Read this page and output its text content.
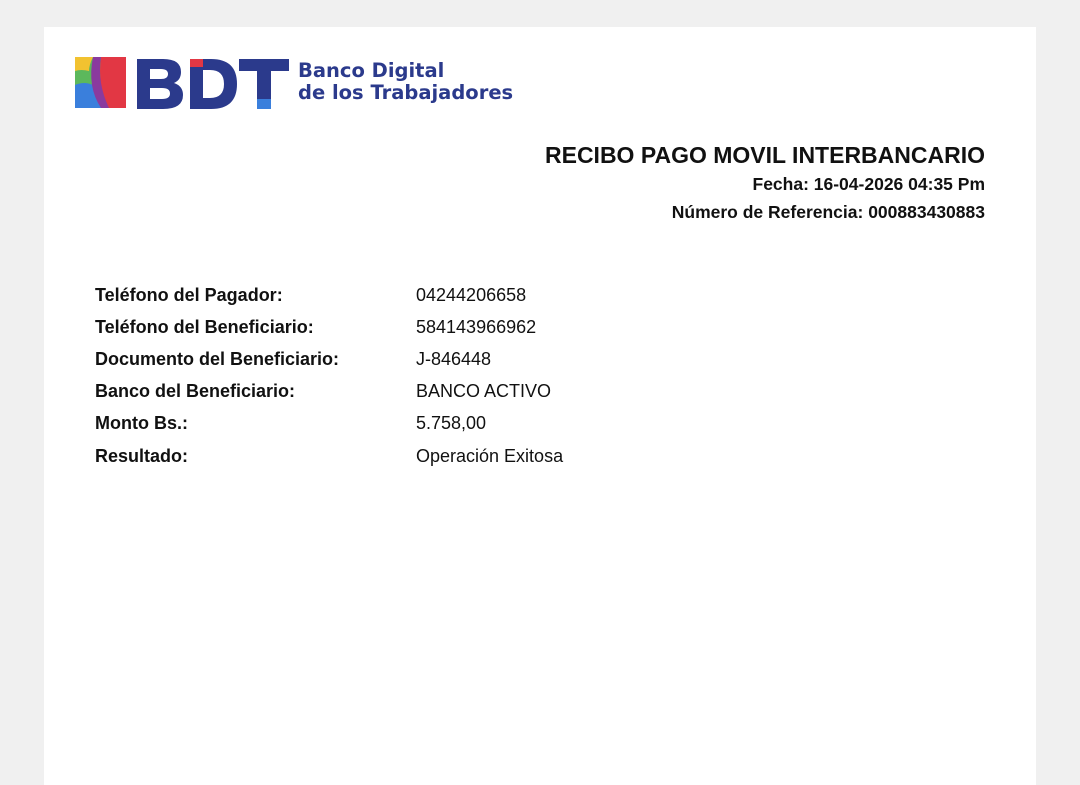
Banco Digital
de los Trabajadores
RECIBO PAGO MOVIL INTERBANCARIO
Fecha: 16-04-2026 04:35 Pm
Número de Referencia: 000883430883
Teléfono del Pagador:	04244206658
Teléfono del Beneficiario:	584143966962
Documento del Beneficiario:	J-846448
Banco del Beneficiario:	BANCO ACTIVO
Monto Bs.:	5.758,00
Resultado:	Operación Exitosa
